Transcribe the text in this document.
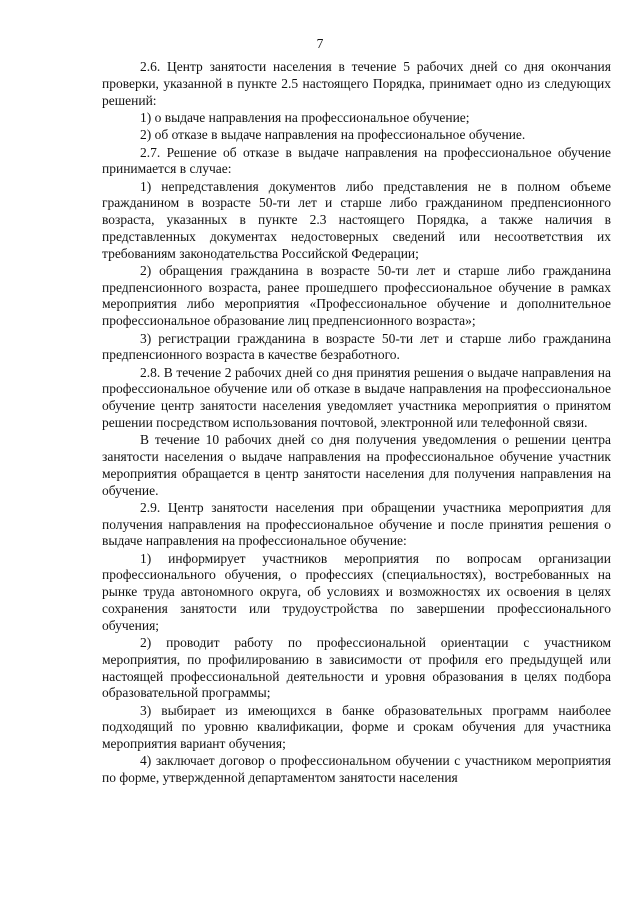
7

2.6. Центр занятости населения в течение 5 рабочих дней со дня окончания проверки, указанной в пункте 2.5 настоящего Порядка, принимает одно из следующих решений:

1) о выдаче направления на профессиональное обучение;

2) об отказе в выдаче направления на профессиональное обучение.

2.7. Решение об отказе в выдаче направления на профессиональное обучение принимается в случае:

1) непредставления документов либо представления не в полном объеме гражданином в возрасте 50-ти лет и старше либо гражданином предпенсионного возраста, указанных в пункте 2.3 настоящего Порядка, а также наличия в представленных документах недостоверных сведений или несоответствия их требованиям законодательства Российской Федерации;

2) обращения гражданина в возрасте 50-ти лет и старше либо гражданина предпенсионного возраста, ранее прошедшего профессиональное обучение в рамках мероприятия либо мероприятия «Профессиональное обучение и дополнительное профессиональное образование лиц предпенсионного возраста»;

3) регистрации гражданина в возрасте 50-ти лет и старше либо гражданина предпенсионного возраста в качестве безработного.

2.8. В течение 2 рабочих дней со дня принятия решения о выдаче направления на профессиональное обучение или об отказе в выдаче направления на профессиональное обучение центр занятости населения уведомляет участника мероприятия о принятом решении посредством использования почтовой, электронной или телефонной связи.

В течение 10 рабочих дней со дня получения уведомления о решении центра занятости населения о выдаче направления на профессиональное обучение участник мероприятия обращается в центр занятости населения для получения направления на обучение.

2.9. Центр занятости населения при обращении участника мероприятия для получения направления на профессиональное обучение и после принятия решения о выдаче направления на профессиональное обучение:

1) информирует участников мероприятия по вопросам организации профессионального обучения, о профессиях (специальностях), востребованных на рынке труда автономного округа, об условиях и возможностях их освоения в целях сохранения занятости или трудоустройства по завершении профессионального обучения;

2) проводит работу по профессиональной ориентации с участником мероприятия, по профилированию в зависимости от профиля его предыдущей или настоящей профессиональной деятельности и уровня образования в целях подбора образовательной программы;

3) выбирает из имеющихся в банке образовательных программ наиболее подходящий по уровню квалификации, форме и срокам обучения для участника мероприятия вариант обучения;

4) заключает договор о профессиональном обучении с участником мероприятия по форме, утвержденной департаментом занятости населения
